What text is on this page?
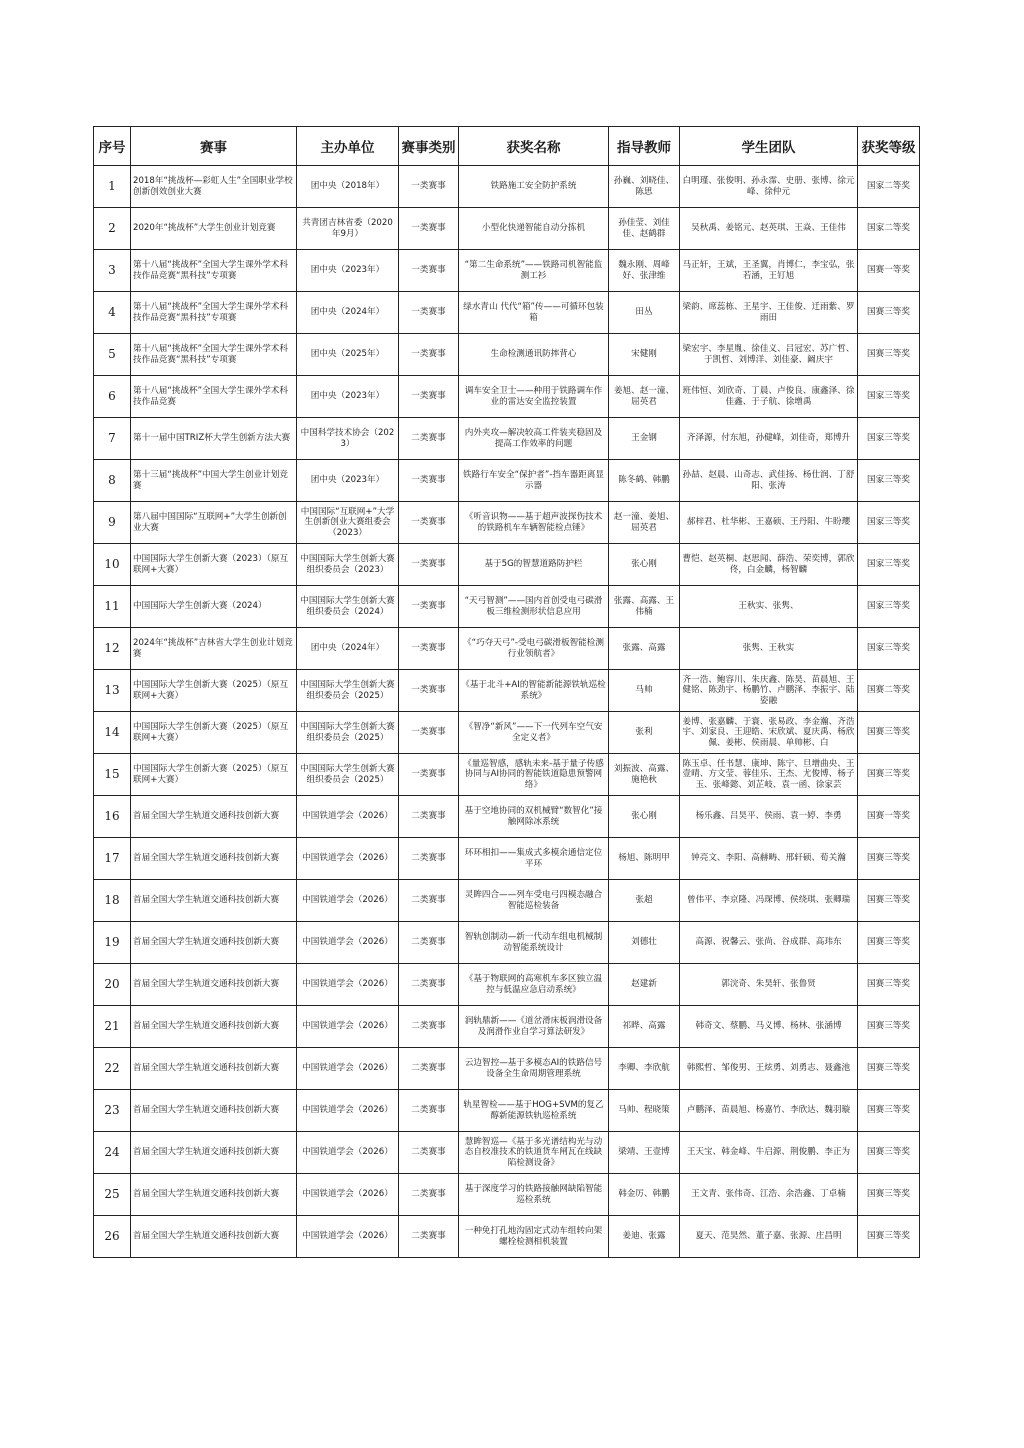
序号	赛事	主办单位	赛事类别	获奖名称	指导教师	学生团队	获奖等级
1	2018年“挑战杯—彩虹人生”全国职业学校创新创效创业大赛	团中央（2018年）	一类赛事	铁路施工安全防护系统	孙巍、刘晓佳、陈思	白明瑾、张俊明、孙永霈、史册、张博、徐元峰、徐仲元	国家二等奖
2	2020年“挑战杯”大学生创业计划竞赛	共青团吉林省委（2020年9月）	一类赛事	小型化快递智能自动分拣机	孙佳莹、刘佳佳、赵鹤群	吴秋禹、姜铭元、赵英琪、王焱、王佳伟	国家二等奖
3	第十八届“挑战杯”全国大学生课外学术科技作品竞赛“黑科技”专项赛	团中央（2023年）	一类赛事	“第二生命系统”——铁路司机智能监测工衫	魏永刚、周峰好、张津维	马正轩，王斌，王圣翼，肖博仁，李宝弘，张若涵，王钉旭	国赛一等奖
4	第十八届“挑战杯”全国大学生课外学术科技作品竞赛“黑科技”专项赛	团中央（2024年）	一类赛事	绿水青山 代代“箱”传——可循环包装箱	田丛	梁韵、席蕊栋、王星宇、王佳俊、迁雨紫、罗雨田	国赛三等奖
5	第十八届“挑战杯”全国大学生课外学术科技作品竞赛“黑科技”专项赛	团中央（2025年）	一类赛事	生命检测通讯防摔背心	宋健刚	梁宏宇、李星胤、徐佳义、吕冠宏、苏广哲、于凯哲、刘博洋、刘佳豪、阚庆宇	国赛三等奖
6	第十八届“挑战杯”全国大学生课外学术科技作品竞赛	团中央（2023年）	一类赛事	调车安全卫士——种用于铁路调车作业的雷达安全监控装置	姜旭、赵一潼、屈英君	班伟恒、刘欣奇、丁晨、卢俊良、康鑫泽、徐佳鑫、于子航、徐增禹	国家三等奖
7	第十一届中国TRIZ杯大学生创新方法大赛	中国科学技术协会（2023）	二类赛事	内外夹攻—解决较高工件装夹稳固及提高工作效率的问题	王金钢	齐泽源，付东旭，孙健峰，刘佳奇，郑博升	国家三等奖
8	第十三届“挑战杯”中国大学生创业计划竞赛	团中央（2023年）	一类赛事	铁路行车安全“保护者”-挡车器距离显示器	陈冬鹤、韩鹏	孙喆、赵晨、山奇志、武佳扬、杨仕润、丁舒阳、张涛	国家三等奖
9	第八届中国国际“互联网+”大学生创新创业大赛	中国国际“互联网+”大学生创新创业大赛组委会（2023）	一类赛事	《听音识物——基于超声波探伤技术的铁路机车车辆智能检点锤》	赵一潼、姜旭、屈英君	郝梓君、杜华彬、王嘉硕、王丹阳、牛盼瓔	国家三等奖
10	中国国际大学生创新大赛（2023）（原互联网+大赛）	中国国际大学生创新大赛组织委员会（2023）	一类赛事	基于5G的智慧道路防护栏	张心刚	曹恺、赵英桐、赵思闻、薛浩、荣奕博，郭欣佟，白金麟，杨智麟	国家三等奖
11	中国国际大学生创新大赛（2024）	中国国际大学生创新大赛组织委员会（2024）	一类赛事	“天弓智测”——国内首创受电弓碳滑板三维检测形状信息应用	张露、高露、王伟楠	王秋实、张隽、	国家三等奖
12	2024年“挑战杯”吉林省大学生创业计划竞赛	团中央（2024年）	一类赛事	《“巧夺天弓”-受电弓碳滑板智能检测行业领航者》	张露、高露	张隽、王秋实	国家三等奖
13	中国国际大学生创新大赛（2025）（原互联网+大赛）	中国国际大学生创新大赛组织委员会（2025）	一类赛事	《基于北斗+AI的智能新能源铁轨巡检系统》	马帅	齐一浩、鲍容川、朱庆鑫、陈昊、苗晨旭、王健铭、陈劲宇、杨鹏竹、卢鹏泽、李振宇、陆姿融	国赛二等奖
14	中国国际大学生创新大赛（2025）（原互联网+大赛）	中国国际大学生创新大赛组织委员会（2025）	一类赛事	《智净“新风”——下一代列车空气安全定义者》	张利	姜博、张嘉麟、于寰、张易政、李金瀚、齐浩宇、刘家良、王迎皓、宋欣斌、夏庆禹、杨欣佩、姜彬、侯雨晨、单帅彬、白	国赛三等奖
15	中国国际大学生创新大赛（2025）（原互联网+大赛）	中国国际大学生创新大赛组织委员会（2025）	一类赛事	《量巡智感，感轨未来-基于量子传感协同与AI协同的智能铁道隐患预警网络》	刘振波、高露、施艳秋	陈玉卓、任书慧、康坤、陈宁、旦增曲央、王壹晴、方文莹、蓉佳乐、王杰、尤俊博、杨子玉、张峰懿、刘芷岐、袁一函、徐家芸	国赛三等奖
16	首届全国大学生轨道交通科技创新大赛	中国铁道学会（2026）	二类赛事	基于空地协同的双机械臂“数智化”接触网除冰系统	张心刚	杨乐鑫、吕昊平、侯雨、袁一婷、李勇	国赛一等奖
17	首届全国大学生轨道交通科技创新大赛	中国铁道学会（2026）	二类赛事	环环相扣——集成式多模余通信定位平环	杨旭、陈明甲	钟亮文、李阳、高赫畴、邢轩硕、荀关瀚	国赛三等奖
18	首届全国大学生轨道交通科技创新大赛	中国铁道学会（2026）	二类赛事	灵眸四合——列车受电弓四模态融合智能巡检装备	张超	曾伟平、李京隆、冯琛博、侯绕琪、张卿瑞	国赛三等奖
19	首届全国大学生轨道交通科技创新大赛	中国铁道学会（2026）	二类赛事	智轨创制动—新一代动车组电机械制动智能系统设计	刘德壮	高源、祝馨云、张尚、谷成群、高玮东	国赛三等奖
20	首届全国大学生轨道交通科技创新大赛	中国铁道学会（2026）	二类赛事	《基于物联网的高寒机车多区独立温控与低温应急启动系统》	赵建新	郭浣奇、朱昊轩、张鲁贤	国赛三等奖
21	首届全国大学生轨道交通科技创新大赛	中国铁道学会（2026）	二类赛事	润轨鼎新——《道岔滑床板润滑设备及润滑作业自学习算法研发》	祁晔、高露	韩奇文、蔡鹏、马义博、杨林、张涵博	国赛三等奖
22	首届全国大学生轨道交通科技创新大赛	中国铁道学会（2026）	二类赛事	云边智控—基于多模态AI的铁路信号设备全生命周期管理系统	李卿、李欣航	韩熙哲、邹俊男、王炫勇、刘勇志、聂鑫池	国赛三等奖
23	首届全国大学生轨道交通科技创新大赛	中国铁道学会（2026）	二类赛事	轨星智检——基于HOG+SVM的复乙醇新能源铁轨巡检系统	马帅、程晓策	卢鹏泽、苗晨旭、杨嘉竹、李欣达、魏羽璇	国赛三等奖
24	首届全国大学生轨道交通科技创新大赛	中国铁道学会（2026）	二类赛事	慧眸智巡—《基于多光谱结构光与动态自校准技术的铁道货车闸瓦在线缺陷检测设备》	梁靖、王壹博	王天宝、韩金峰、牛启源、荆俊鹏、李正为	国赛三等奖
25	首届全国大学生轨道交通科技创新大赛	中国铁道学会（2026）	二类赛事	基于深度学习的铁路接触网缺陷智能巡检系统	韩金厉、韩鹏	王文青、张伟奇、江浩、余浩鑫、丁卓楠	国赛三等奖
26	首届全国大学生轨道交通科技创新大赛	中国铁道学会（2026）	二类赛事	一种免打孔地沟固定式动车组转向架螺栓检测相机装置	姜迪、张露	夏天、范昊然、董子嘉、张源、庄昌明	国赛三等奖
